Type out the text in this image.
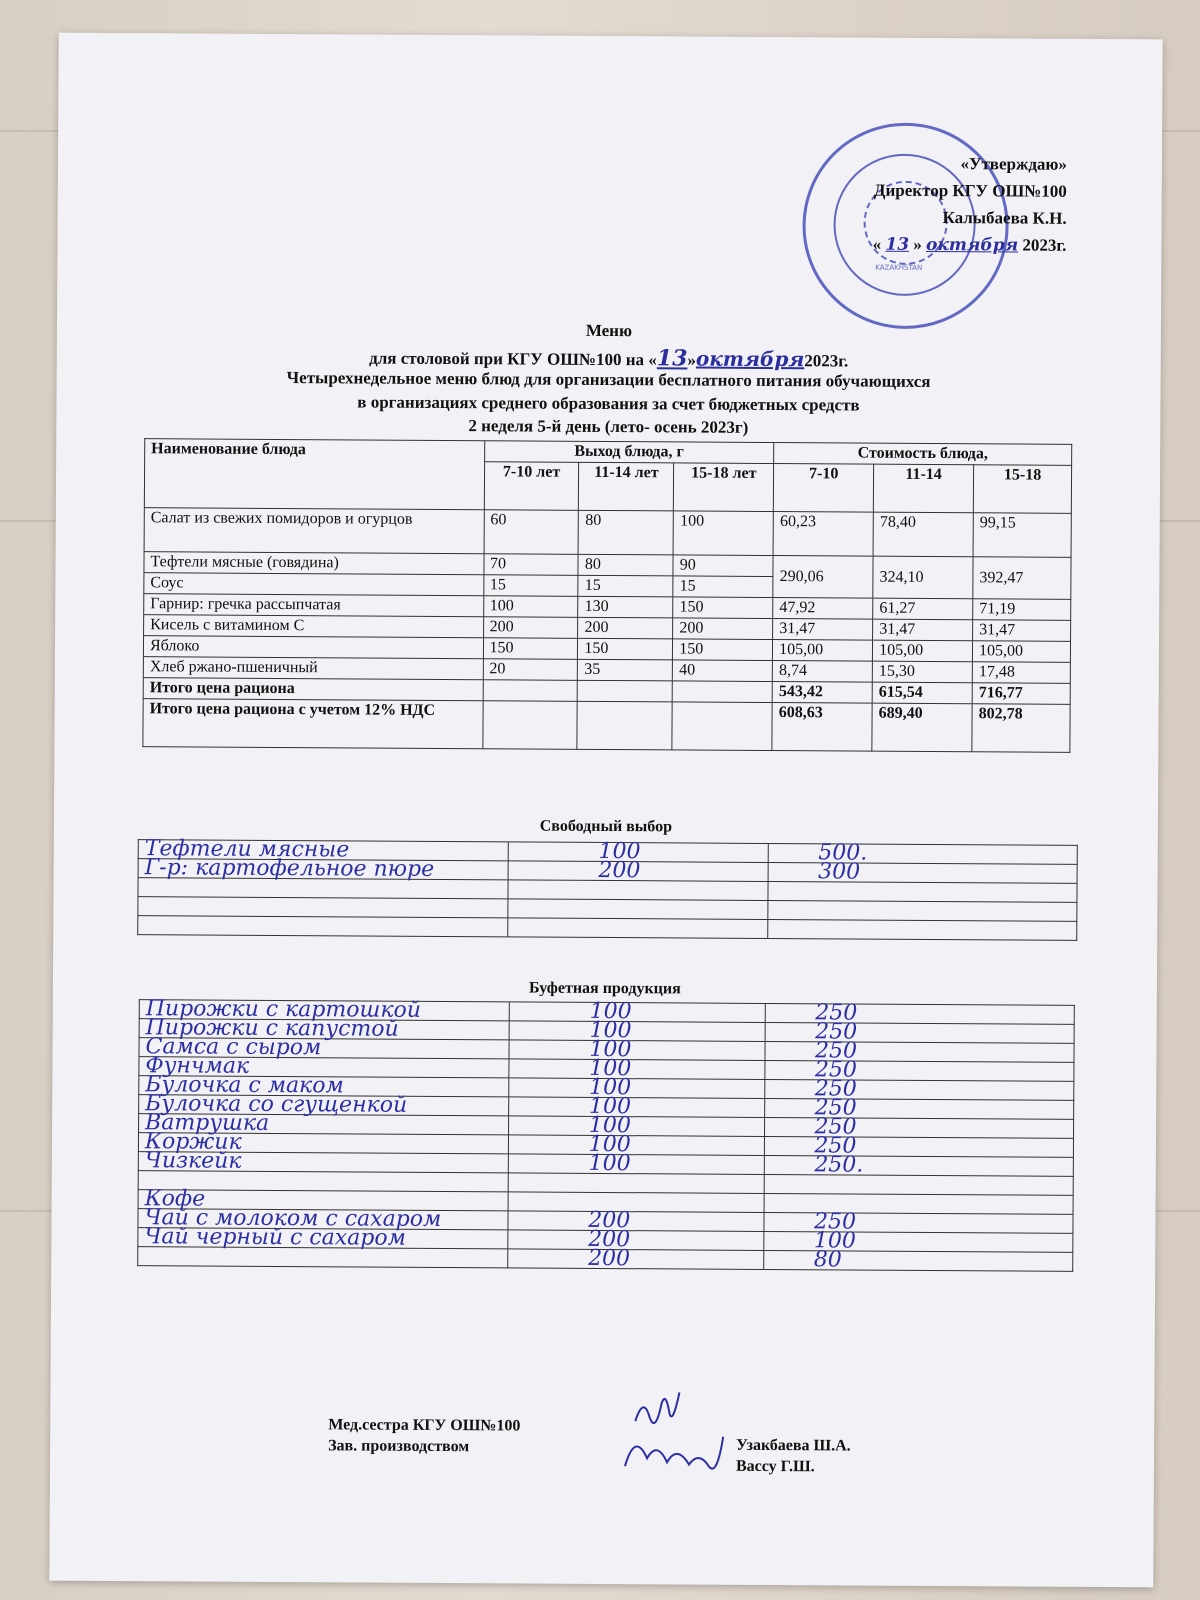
KAZAKHSTAN
«Утверждаю»
Директор КГУ ОШ№100
Калыбаева К.Н.
« 13 » октября 2023г.
Меню
для столовой при КГУ ОШ№100 на «13»октября2023г.
Четырехнедельное меню блюд для организации бесплатного питания обучающихся
в организациях среднего образования за счет бюджетных средств
2 неделя 5-й день (лето- осень 2023г)
Наименование блюда	Выход блюда, г			Стоимость блюда,		
	7-10 лет	11-14 лет	15-18 лет	7-10	11-14	15-18
Салат из свежих помидоров и огурцов	60	80	100	60,23	78,40	99,15
Тефтели мясные (говядина)	70	80	90	290,06	324,10	392,47
Соус	15	15	15			
Гарнир: гречка рассыпчатая	100	130	150	47,92	61,27	71,19
Кисель с витамином С	200	200	200	31,47	31,47	31,47
Яблоко	150	150	150	105,00	105,00	105,00
Хлеб ржано-пшеничный	20	35	40	8,74	15,30	17,48
Итого цена рациона				543,42	615,54	716,77
Итого цена рациона с учетом 12% НДС				608,63	689,40	802,78
Свободный выбор
Тефтели мясные	100	500.
Г-р: картофельное пюре	200	300

Буфетная продукция
Пирожки с картошкой	100	250
Пирожки с капустой	100	250
Самса с сыром	100	250
Фунчмак	100	250
Булочка с маком	100	250
Булочка со сгущенкой	100	250
Ватрушка	100	250
Коржик	100	250
Чизкейк	100	250.

Кофе		
Чай с молоком с сахаром	200	250
Чай черный с сахаром	200	100
	200	80
Мед.сестра КГУ ОШ№100
Зав. производством	Узакбаева Ш.А.
Вассу Г.Ш.
